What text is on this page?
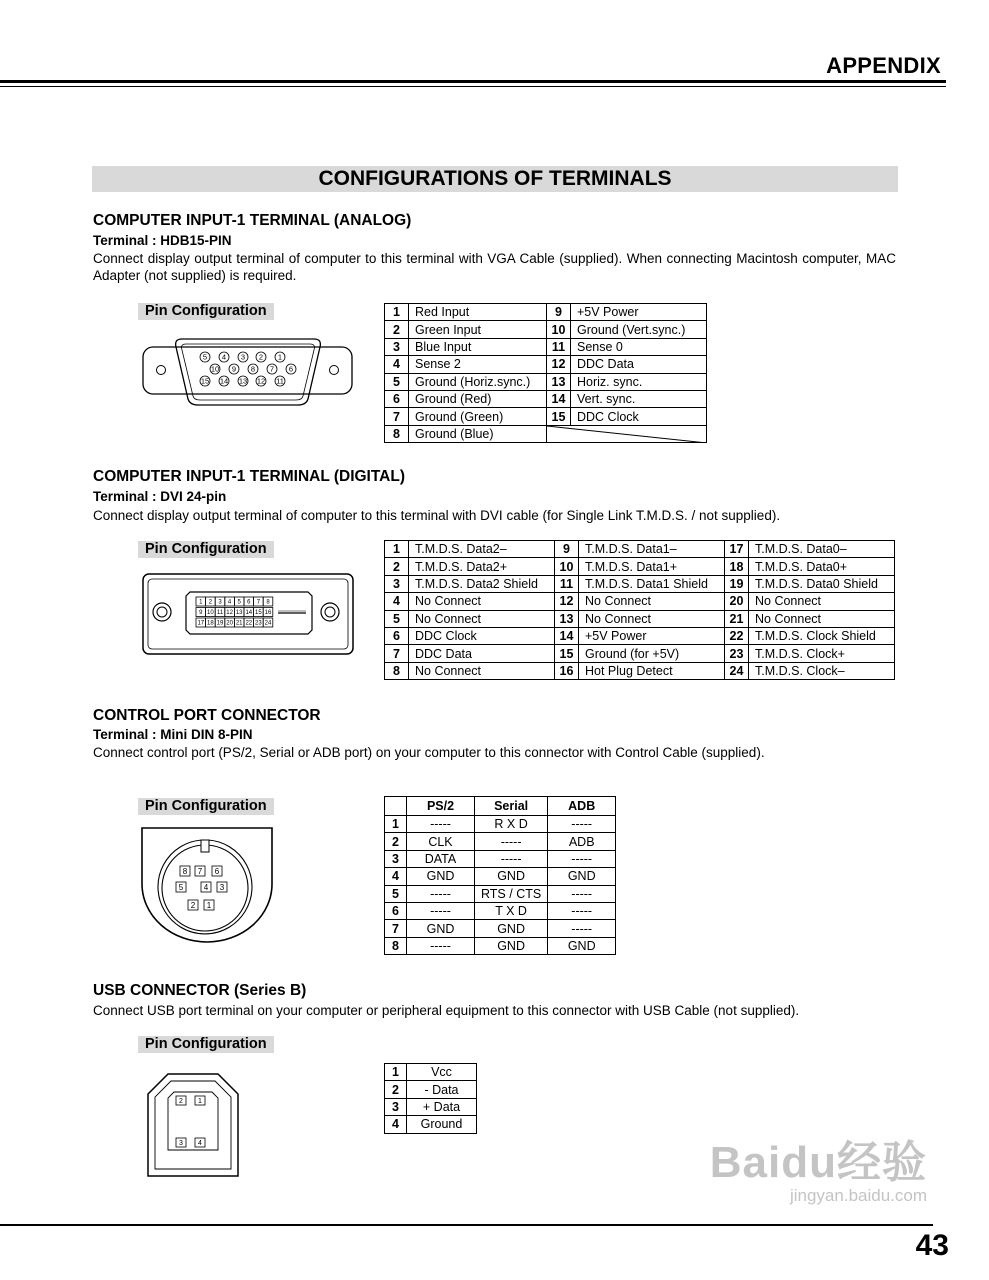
APPENDIX
CONFIGURATIONS OF TERMINALS
COMPUTER INPUT-1 TERMINAL (ANALOG)
Terminal : HDB15-PIN
Connect display output terminal of computer to this terminal with VGA Cable (supplied). When connecting Macintosh computer, MAC Adapter (not supplied) is required.
Pin Configuration
5 4 3 2 1
10 9 8 7 6
15 14 13 12 11
1	Red Input	9	+5V Power
2	Green Input	10	Ground (Vert.sync.)
3	Blue Input	11	Sense 0
4	Sense 2	12	DDC Data
5	Ground (Horiz.sync.)	13	Horiz. sync.
6	Ground (Red)	14	Vert. sync.
7	Ground (Green)	15	DDC Clock
8	Ground (Blue)	
COMPUTER INPUT-1 TERMINAL (DIGITAL)
Terminal : DVI 24-pin
Connect display output terminal of computer to this terminal with DVI cable (for Single Link T.M.D.S. / not supplied).
Pin Configuration
1 2 3 4 5 6 7 8
9 10 11 12 13 14 15 16
17 18 19 20 21 22 23 24
1	T.M.D.S. Data2–	9	T.M.D.S. Data1–	17	T.M.D.S. Data0–
2	T.M.D.S. Data2+	10	T.M.D.S. Data1+	18	T.M.D.S. Data0+
3	T.M.D.S. Data2 Shield	11	T.M.D.S. Data1 Shield	19	T.M.D.S. Data0 Shield
4	No Connect	12	No Connect	20	No Connect
5	No Connect	13	No Connect	21	No Connect
6	DDC Clock	14	+5V Power	22	T.M.D.S. Clock Shield
7	DDC Data	15	Ground (for +5V)	23	T.M.D.S. Clock+
8	No Connect	16	Hot Plug Detect	24	T.M.D.S. Clock–
CONTROL PORT CONNECTOR
Terminal : Mini DIN 8-PIN
Connect control port (PS/2, Serial or ADB port) on your computer to this connector with Control Cable (supplied).
Pin Configuration
8 7 6
5	4 3
2 1
	PS/2	Serial	ADB
1	-----	R X D	-----
2	CLK	-----	ADB
3	DATA	-----	-----
4	GND	GND	GND
5	-----	RTS / CTS	-----
6	-----	T X D	-----
7	GND	GND	-----
8	-----	GND	GND
USB CONNECTOR (Series B)
Connect USB port terminal on your computer or peripheral equipment to this connector with USB Cable (not supplied).
Pin Configuration
2 1
3 4
1	Vcc
2	- Data
3	+ Data
4	Ground
Baidu经验
jingyan.baidu.com
43
